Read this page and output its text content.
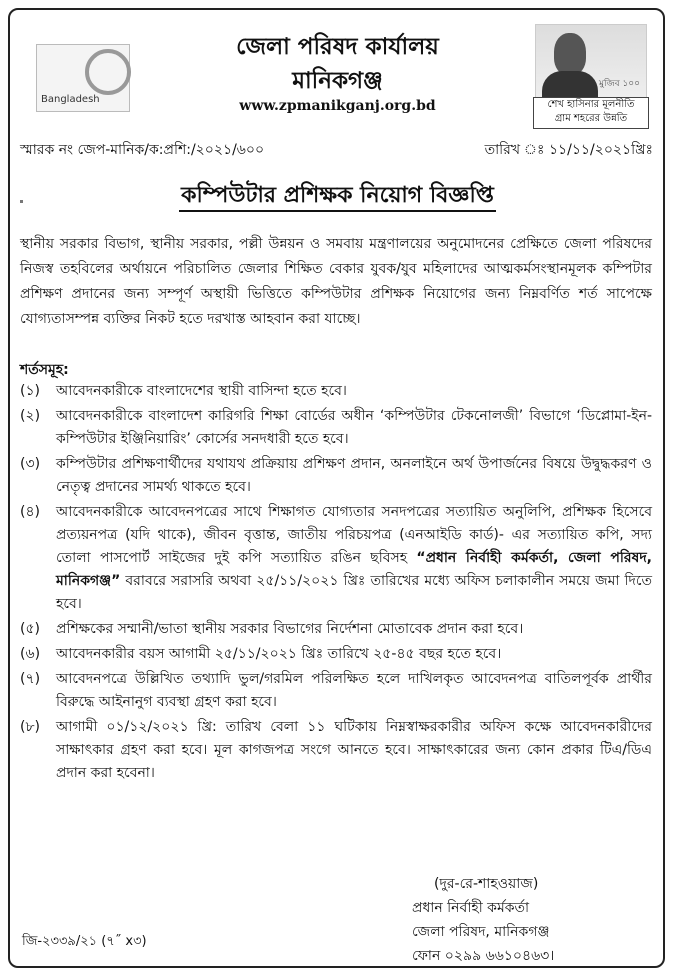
Bangladesh
মুজিব ১০০
শেখ হাসিনার মূলনীতি
গ্রাম শহরের উন্নতি
জেলা পরিষদ কার্যালয়
মানিকগঞ্জ
www.zpmanikganj.org.bd
স্মারক নং জেপ-মানিক/ক:প্রশি:/২০২১/৬০০	তারিখ ঃ ১১/১১/২০২১খ্রিঃ
কম্পিউটার প্রশিক্ষক নিয়োগ বিজ্ঞপ্তি
স্থানীয় সরকার বিভাগ, স্থানীয় সরকার, পল্লী উন্নয়ন ও সমবায় মন্ত্রণালয়ের অনুমোদনের প্রেক্ষিতে জেলা পরিষদের নিজস্ব তহবিলের অর্থায়নে পরিচালিত জেলার শিক্ষিত বেকার যুবক/যুব মহিলাদের আত্মকর্মসংস্থানমূলক কম্পিটার প্রশিক্ষণ প্রদানের জন্য সম্পূর্ণ অস্থায়ী ভিত্তিতে কম্পিউটার প্রশিক্ষক নিয়োগের জন্য নিম্নবর্ণিত শর্ত সাপেক্ষে যোগ্যতাসম্পন্ন ব্যক্তির নিকট হতে দরখাস্ত আহবান করা যাচ্ছে।
শর্তসমূহ:
(১) আবেদনকারীকে বাংলাদেশের স্থায়ী বাসিন্দা হতে হবে।
(২) আবেদনকারীকে বাংলাদেশ কারিগরি শিক্ষা বোর্ডের অধীন ‘কম্পিউটার টেকনোলজী’ বিভাগে ‘ডিপ্লোমা-ইন-কম্পিউটার ইঞ্জিনিয়ারিং’ কোর্সের সনদধারী হতে হবে।
(৩) কম্পিউটার প্রশিক্ষণার্থীদের যথাযথ প্রক্রিয়ায় প্রশিক্ষণ প্রদান, অনলাইনে অর্থ উপার্জনের বিষয়ে উদ্বুদ্ধকরণ ও নেতৃত্ব প্রদানের সামর্থ্য থাকতে হবে।
(৪) আবেদনকারীকে আবেদনপত্রের সাথে শিক্ষাগত যোগ্যতার সনদপত্রের সত্যায়িত অনুলিপি, প্রশিক্ষক হিসেবে প্রত্যয়নপত্র (যদি থাকে), জীবন বৃত্তান্ত, জাতীয় পরিচয়পত্র (এনআইডি কার্ড)- এর সত্যায়িত কপি, সদ্য তোলা পাসপোর্ট সাইজের দুই কপি সত্যায়িত রঙিন ছবিসহ “প্রধান নির্বাহী কর্মকর্তা, জেলা পরিষদ, মানিকগঞ্জ” বরাবরে সরাসরি অথবা ২৫/১১/২০২১ খ্রিঃ তারিখের মধ্যে অফিস চলাকালীন সময়ে জমা দিতে হবে।
(৫) প্রশিক্ষকের সম্মানী/ভাতা স্থানীয় সরকার বিভাগের নির্দেশনা মোতাবেক প্রদান করা হবে।
(৬) আবেদনকারীর বয়স আগামী ২৫/১১/২০২১ খ্রিঃ তারিখে ২৫-৪৫ বছর হতে হবে।
(৭) আবেদনপত্রে উল্লিখিত তথ্যাদি ভুল/গরমিল পরিলক্ষিত হলে দাখিলকৃত আবেদনপত্র বাতিলপূর্বক প্রার্থীর বিরুদ্ধে আইনানুগ ব্যবস্থা গ্রহণ করা হবে।
(৮) আগামী ০১/১২/২০২১ খ্রি: তারিখ বেলা ১১ ঘটিকায় নিম্নস্বাক্ষরকারীর অফিস কক্ষে আবেদনকারীদের সাক্ষাৎকার গ্রহণ করা হবে। মূল কাগজপত্র সংগে আনতে হবে। সাক্ষাৎকারের জন্য কোন প্রকার টিএ/ডিএ প্রদান করা হবেনা।
(দুর-রে-শাহওয়াজ)
প্রধান নির্বাহী কর্মকর্তা
জেলা পরিষদ, মানিকগঞ্জ
ফোন ০২৯৯ ৬৬১০৪৬৩।
জি-২৩৩৯/২১ (৭˝ x৩)
